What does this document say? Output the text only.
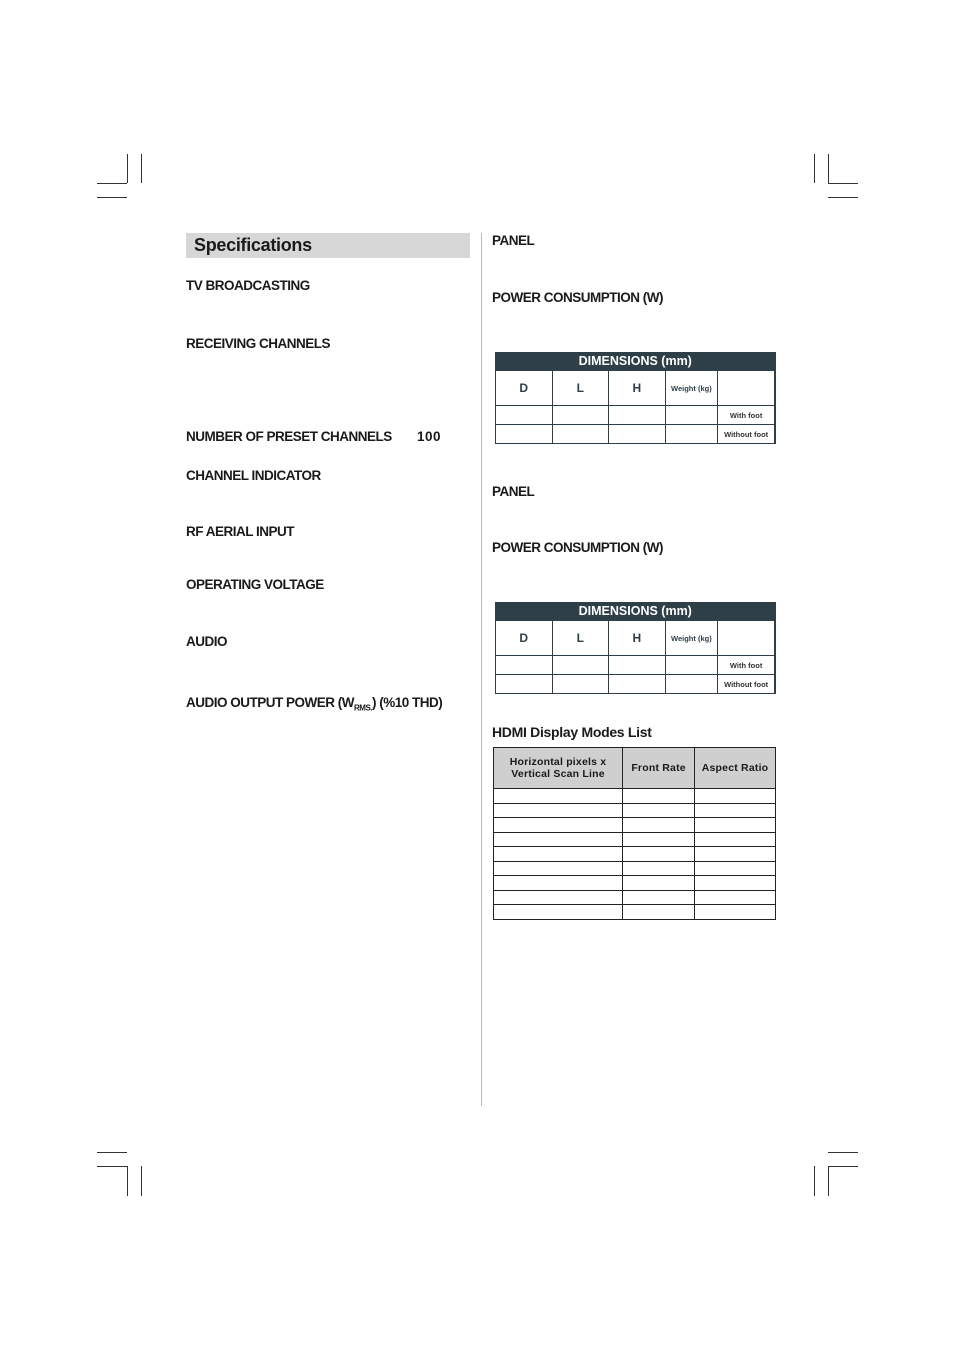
Specifications
TV BROADCASTING
RECEIVING CHANNELS
NUMBER OF PRESET CHANNELS 100
CHANNEL INDICATOR
RF AERIAL INPUT
OPERATING VOLTAGE
AUDIO
AUDIO OUTPUT POWER $(W_{RMS.})$ (%10 THD)
PANEL
POWER CONSUMPTION (W)
DIMENSIONS (mm)				
D	L	H	Weight (kg)	
				With foot
				Without foot
PANEL
POWER CONSUMPTION (W)
DIMENSIONS (mm)				
D	L	H	Weight (kg)	
				With foot
				Without foot
HDMI Display Modes List
Horizontal pixels x
Vertical Scan Line	Front Rate	Aspect Ratio
